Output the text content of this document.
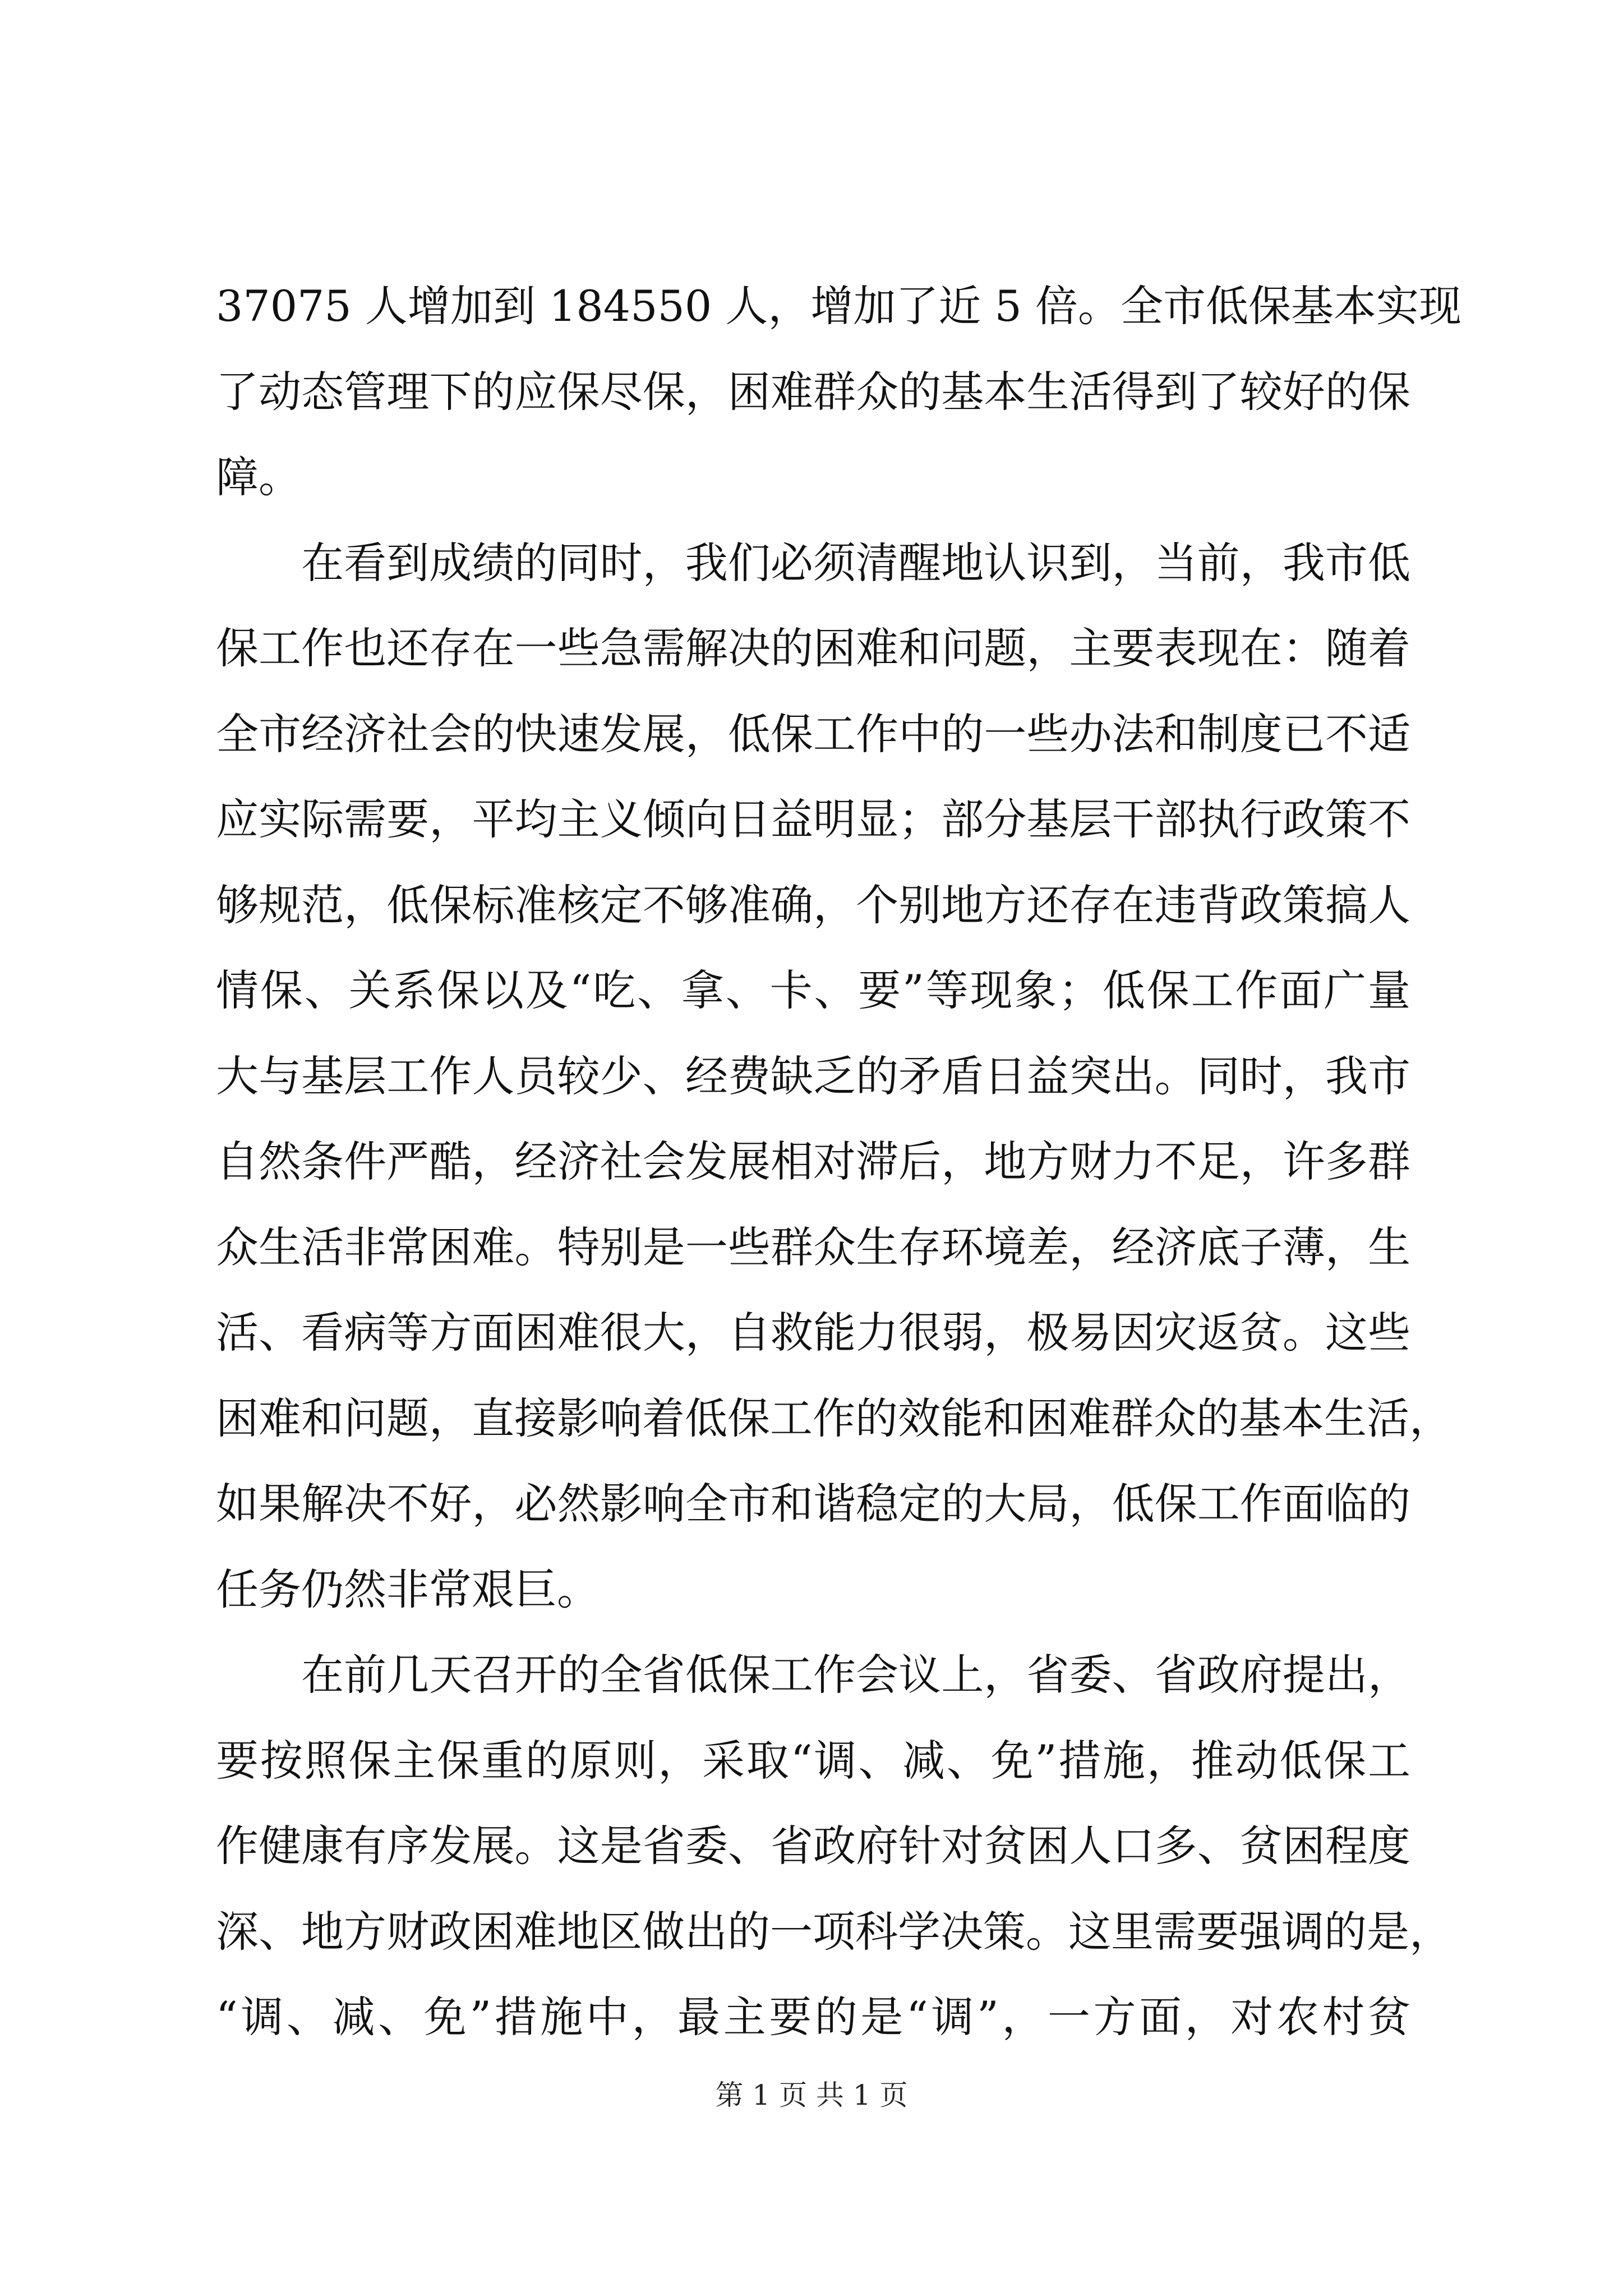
37075 人增加到 184550 人，增加了近 5 倍。全市低保基本实现
了动态管理下的应保尽保，困难群众的基本生活得到了较好的保
障。
在看到成绩的同时，我们必须清醒地认识到，当前，我市低
保工作也还存在一些急需解决的困难和问题，主要表现在：随着
全市经济社会的快速发展，低保工作中的一些办法和制度已不适
应实际需要，平均主义倾向日益明显；部分基层干部执行政策不
够规范，低保标准核定不够准确，个别地方还存在违背政策搞人
情保、关系保以及“吃、拿、卡、要”等现象；低保工作面广量
大与基层工作人员较少、经费缺乏的矛盾日益突出。同时，我市
自然条件严酷，经济社会发展相对滞后，地方财力不足，许多群
众生活非常困难。特别是一些群众生存环境差，经济底子薄，生
活、看病等方面困难很大，自救能力很弱，极易因灾返贫。这些
困难和问题，直接影响着低保工作的效能和困难群众的基本生活，
如果解决不好，必然影响全市和谐稳定的大局，低保工作面临的
任务仍然非常艰巨。
在前几天召开的全省低保工作会议上，省委、省政府提出，
要按照保主保重的原则，采取“调、减、免”措施，推动低保工
作健康有序发展。这是省委、省政府针对贫困人口多、贫困程度
深、地方财政困难地区做出的一项科学决策。这里需要强调的是，
“调、减、免”措施中，最主要的是“调”，一方面，对农村贫
第 1 页 共 1 页
